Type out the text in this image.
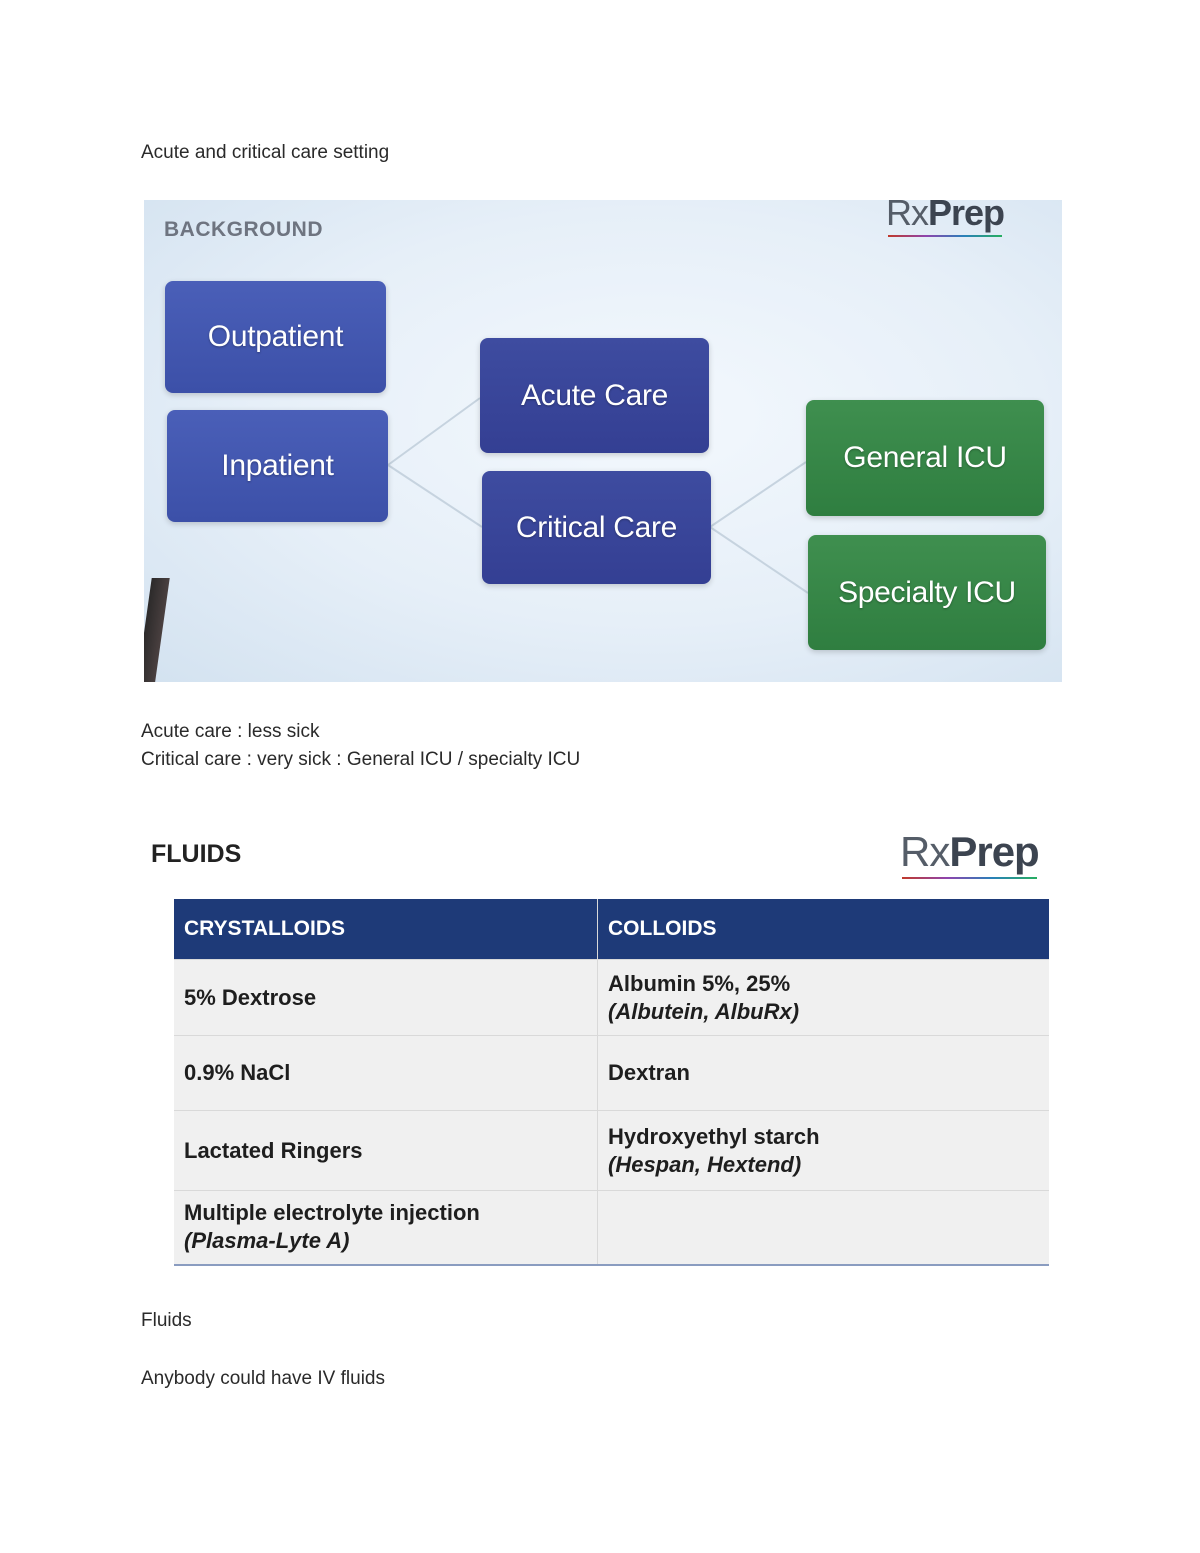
Acute and critical care setting
BACKGROUND	RxPrep
Outpatient
Inpatient
Acute Care
Critical Care
General ICU
Specialty ICU
Acute care : less sick
Critical care : very sick : General ICU / specialty ICU
FLUIDS	RxPrep
CRYSTALLOIDS	COLLOIDS

5% Dextrose	Albumin 5%, 25%
(Albutein, AlbuRx)

0.9% NaCl	Dextran

Lactated Ringers	Hydroxyethyl starch
(Hespan, Hextend)

Multiple electrolyte injection
(Plasma-Lyte A)	
Fluids
Anybody could have IV fluids
